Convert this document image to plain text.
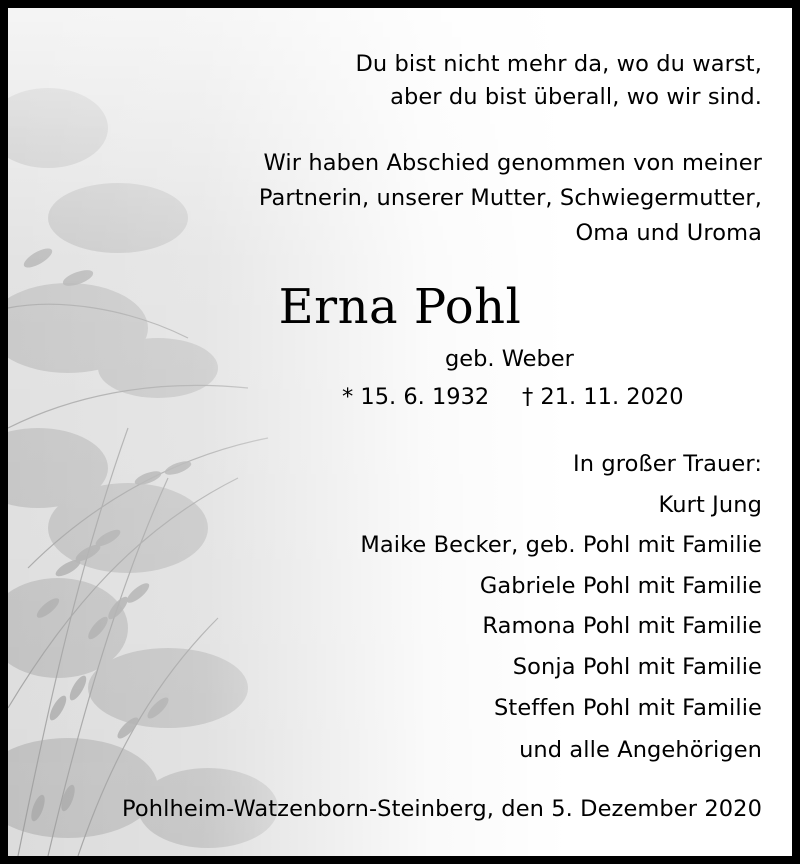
Du bist nicht mehr da, wo du warst,
aber du bist überall, wo wir sind.
Wir haben Abschied genommen von meiner
Partnerin, unserer Mutter, Schwiegermutter,
Oma und Uroma
Erna Pohl
geb. Weber
* 15. 6. 1932 † 21. 11. 2020
In großer Trauer:
Kurt Jung
Maike Becker, geb. Pohl mit Familie
Gabriele Pohl mit Familie
Ramona Pohl mit Familie
Sonja Pohl mit Familie
Steffen Pohl mit Familie
und alle Angehörigen
Pohlheim-Watzenborn-Steinberg, den 5. Dezember 2020
